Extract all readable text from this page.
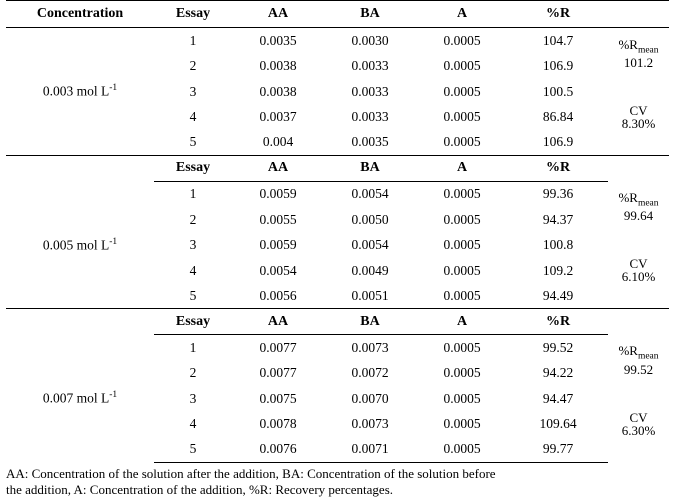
Concentration	Essay	AA	BA	A	%R	
0.003 mol $L^{-1}$	1	0.0035	0.0030	0.0005	104.7	$\%R_{mean}$
101.2

	2	0.0038	0.0033	0.0005	106.9	
	3	0.0038	0.0033	0.0005	100.5	CV
8.30%

	4	0.0037	0.0033	0.0005	86.84	
	5	0.004	0.0035	0.0005	106.9	
	Essay	AA	BA	A	%R	
0.005 mol $L^{-1}$	1	0.0059	0.0054	0.0005	99.36	$\%R_{mean}$
99.64

	2	0.0055	0.0050	0.0005	94.37	
	3	0.0059	0.0054	0.0005	100.8	CV
6.10%

	4	0.0054	0.0049	0.0005	109.2	
	5	0.0056	0.0051	0.0005	94.49	
	Essay	AA	BA	A	%R	
0.007 mol $L^{-1}$	1	0.0077	0.0073	0.0005	99.52	$\%R_{mean}$
99.52

	2	0.0077	0.0072	0.0005	94.22	
	3	0.0075	0.0070	0.0005	94.47	CV
6.30%

	4	0.0078	0.0073	0.0005	109.64	
	5	0.0076	0.0071	0.0005	99.77	
AA: Concentration of the solution after the addition, BA: Concentration of the solution before
the addition, A: Concentration of the addition, %R: Recovery percentages.
